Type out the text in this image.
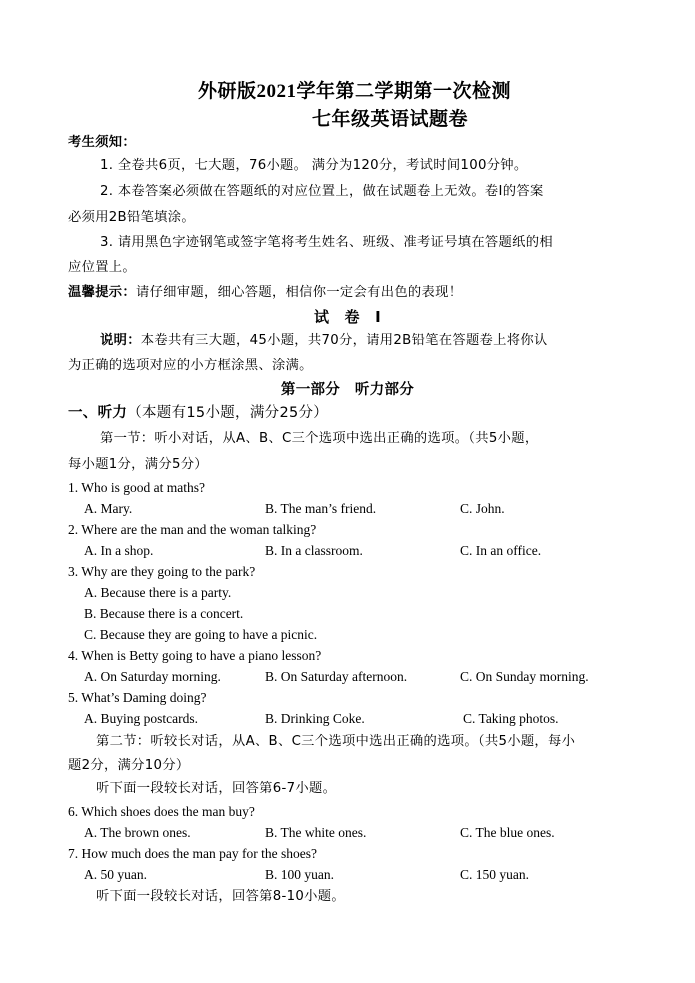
外研版2021学年第二学期第一次检测
七年级英语试题卷
考生须知：
1. 全卷共6页，七大题，76小题。 满分为120分，考试时间100分钟。
2. 本卷答案必须做在答题纸的对应位置上，做在试题卷上无效。卷Ⅰ的答案
必须用2B铅笔填涂。
3. 请用黑色字迹钢笔或签字笔将考生姓名、班级、准考证号填在答题纸的相
应位置上。
温馨提示：请仔细审题，细心答题，相信你一定会有出色的表现！
试　卷　Ⅰ
说明：本卷共有三大题，45小题，共70分，请用2B铅笔在答题卷上将你认
为正确的选项对应的小方框涂黑、涂满。
第一部分　听力部分
一、听力（本题有15小题，满分25分）
第一节：听小对话，从A、B、C三个选项中选出正确的选项。（共5小题，
每小题1分，满分5分）
1. Who is good at maths?
A. Mary.	B. The man’s friend.	C. John.
2. Where are the man and the woman talking?
A. In a shop.	B. In a classroom.	C. In an office.
3. Why are they going to the park?
A. Because there is a party.
B. Because there is a concert.
C. Because they are going to have a picnic.
4. When is Betty going to have a piano lesson?
A. On Saturday morning.	B. On Saturday afternoon.	C. On Sunday morning.
5. What’s Daming doing?
A. Buying postcards.	B. Drinking Coke.	C. Taking photos.
第二节：听较长对话，从A、B、C三个选项中选出正确的选项。（共5小题，每小
题2分，满分10分）
听下面一段较长对话，回答第6-7小题。
6. Which shoes does the man buy?
A. The brown ones.	B. The white ones.	C. The blue ones.
7. How much does the man pay for the shoes?
A. 50 yuan.	B. 100 yuan.	C. 150 yuan.
听下面一段较长对话，回答第8-10小题。
